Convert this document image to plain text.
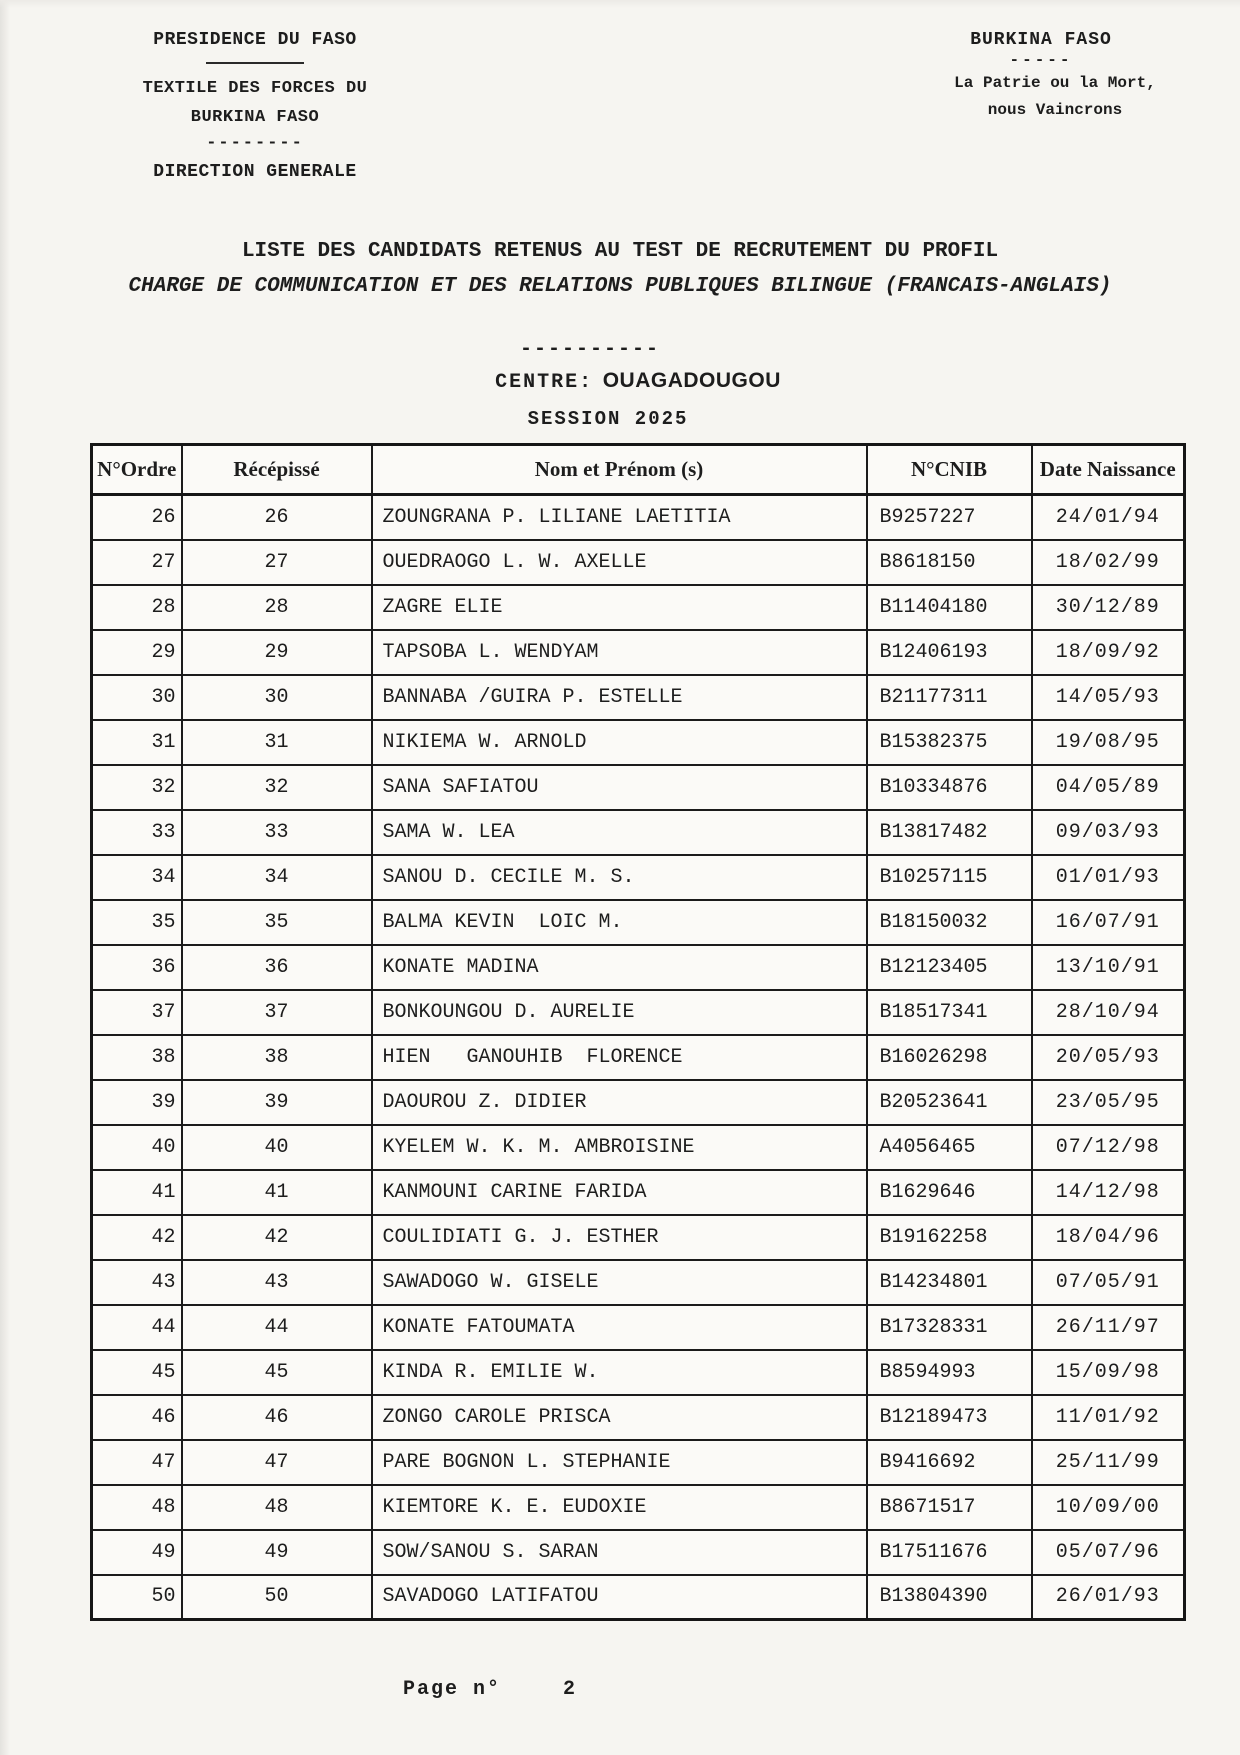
PRESIDENCE DU FASO
TEXTILE DES FORCES DU
BURKINA FASO
--------
DIRECTION GENERALE
BURKINA FASO
-----
La Patrie ou la Mort,
nous Vaincrons
LISTE DES CANDIDATS RETENUS AU TEST DE RECRUTEMENT DU PROFIL
CHARGE DE COMMUNICATION ET DES RELATIONS PUBLIQUES BILINGUE (FRANCAIS-ANGLAIS)
----------
CENTRE: OUAGADOUGOU
SESSION 2025
N°Ordre	Récépissé	Nom et Prénom (s)	N°CNIB	Date Naissance
26	26	ZOUNGRANA P. LILIANE LAETITIA	B9257227	24/01/94
27	27	OUEDRAOGO L. W. AXELLE	B8618150	18/02/99
28	28	ZAGRE ELIE	B11404180	30/12/89
29	29	TAPSOBA L. WENDYAM	B12406193	18/09/92
30	30	BANNABA /GUIRA P. ESTELLE	B21177311	14/05/93
31	31	NIKIEMA W. ARNOLD	B15382375	19/08/95
32	32	SANA SAFIATOU	B10334876	04/05/89
33	33	SAMA W. LEA	B13817482	09/03/93
34	34	SANOU D. CECILE M. S.	B10257115	01/01/93
35	35	BALMA KEVIN  LOIC M.	B18150032	16/07/91
36	36	KONATE MADINA	B12123405	13/10/91
37	37	BONKOUNGOU D. AURELIE	B18517341	28/10/94
38	38	HIEN   GANOUHIB  FLORENCE	B16026298	20/05/93
39	39	DAOUROU Z. DIDIER	B20523641	23/05/95
40	40	KYELEM W. K. M. AMBROISINE	A4056465	07/12/98
41	41	KANMOUNI CARINE FARIDA	B1629646	14/12/98
42	42	COULIDIATI G. J. ESTHER	B19162258	18/04/96
43	43	SAWADOGO W. GISELE	B14234801	07/05/91
44	44	KONATE FATOUMATA	B17328331	26/11/97
45	45	KINDA R. EMILIE W.	B8594993	15/09/98
46	46	ZONGO CAROLE PRISCA	B12189473	11/01/92
47	47	PARE BOGNON L. STEPHANIE	B9416692	25/11/99
48	48	KIEMTORE K. E. EUDOXIE	B8671517	10/09/00
49	49	SOW/SANOU S. SARAN	B17511676	05/07/96
50	50	SAVADOGO LATIFATOU	B13804390	26/01/93
Page n°	2
